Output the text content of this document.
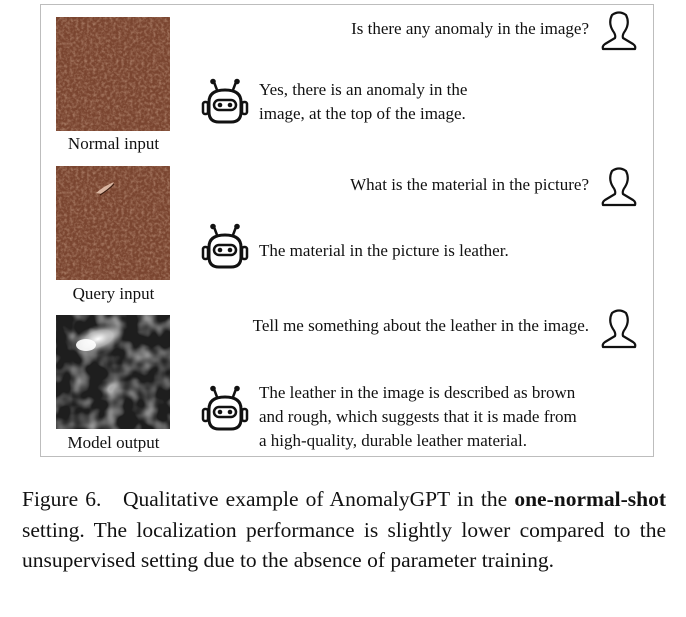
Normal input
Is there any anomaly in the image?
Yes, there is an anomaly in the
image, at the top of the image.
Query input
What is the material in the picture?
The material in the picture is leather.
Model output
Tell me something about the leather in the image.
The leather in the image is described as brown
and rough, which suggests that it is made from
a high-quality, durable leather material.
Figure 6. Qualitative example of AnomalyGPT in the one-normal-shot setting. The localization performance is slightly lower compared to the unsupervised setting due to the absence of parameter training.
